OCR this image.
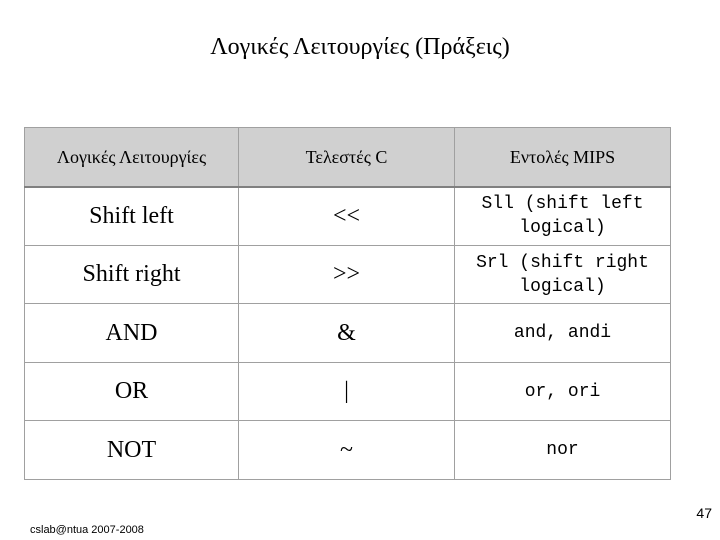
Λογικές Λειτουργίες (Πράξεις)
Λογικές Λειτουργίες	Τελεστές C	Εντολές MIPS
Shift left	<<	Sll (shift left logical)
Shift right	>>	Srl (shift right logical)
AND	&	and, andi
OR	|	or, ori
NOT	~	nor
cslab@ntua 2007-2008
47
